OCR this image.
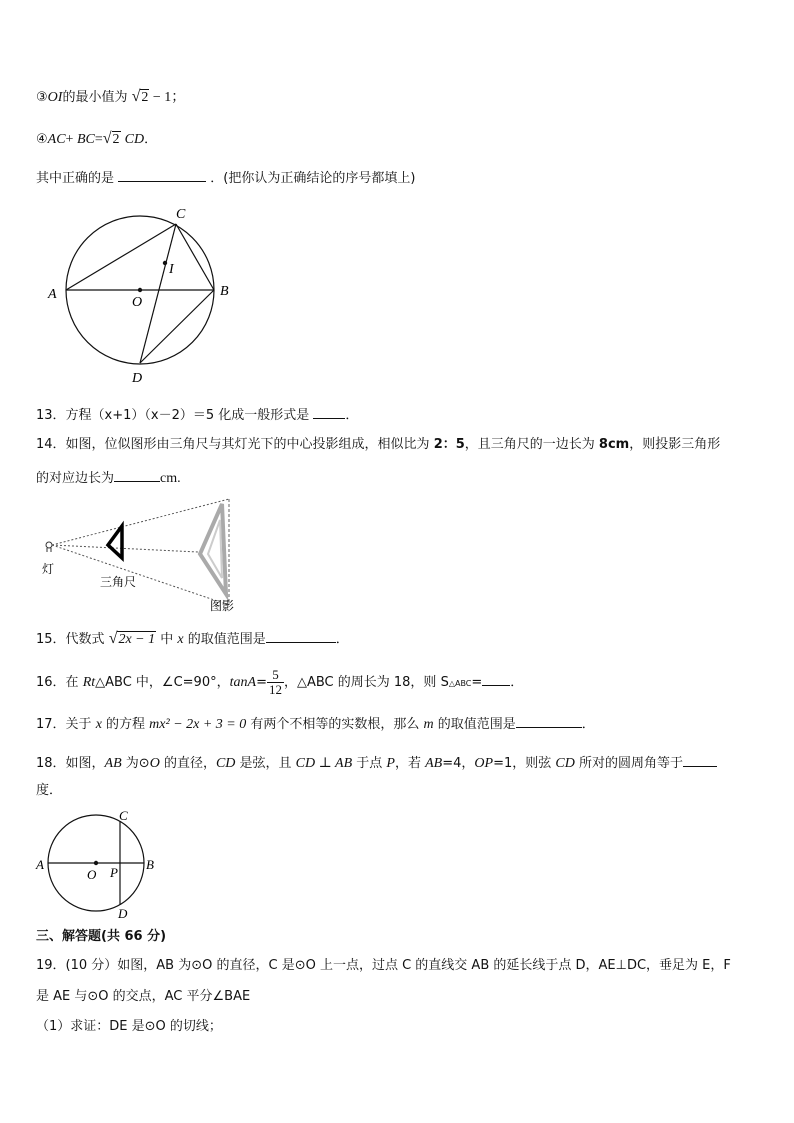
③OI的最小值为 √2 − 1；
④AC+ BC=√2 CD．
其中正确的是	．(把你认为正确结论的序号都填上)
C
I
A
O
B
D
13．方程（x+1）（x－2）＝5 化成一般形式是	．
14．如图，位似图形由三角尺与其灯光下的中心投影组成，相似比为 2：5，且三角尺的一边长为 8cm，则投影三角形
的对应边长为	cm.
灯
三角尺
图影
15．代数式 √2x − 1 中 x 的取值范围是	．
16．在 Rt△ABC 中，∠C=90°，$\tan A= \frac{5}{12}$ ，△ABC 的周长为 18，则 S△ABC= ．
17．关于 x 的方程 mx² − 2x + 3 = 0 有两个不相等的实数根，那么 m 的取值范围是	．
18．如图，AB 为⊙O 的直径，CD 是弦，且 CD ⊥ AB 于点 P，若 AB=4，OP=1，则弦 CD 所对的圆周角等于
度．
C
A
O P
B
D
三、解答题(共 66 分)
19．(10 分）如图，AB 为⊙O 的直径，C 是⊙O 上一点，过点 C 的直线交 AB 的延长线于点 D，AE⊥DC，垂足为 E，F
是 AE 与⊙O 的交点，AC 平分∠BAE
（1）求证：DE 是⊙O 的切线；
